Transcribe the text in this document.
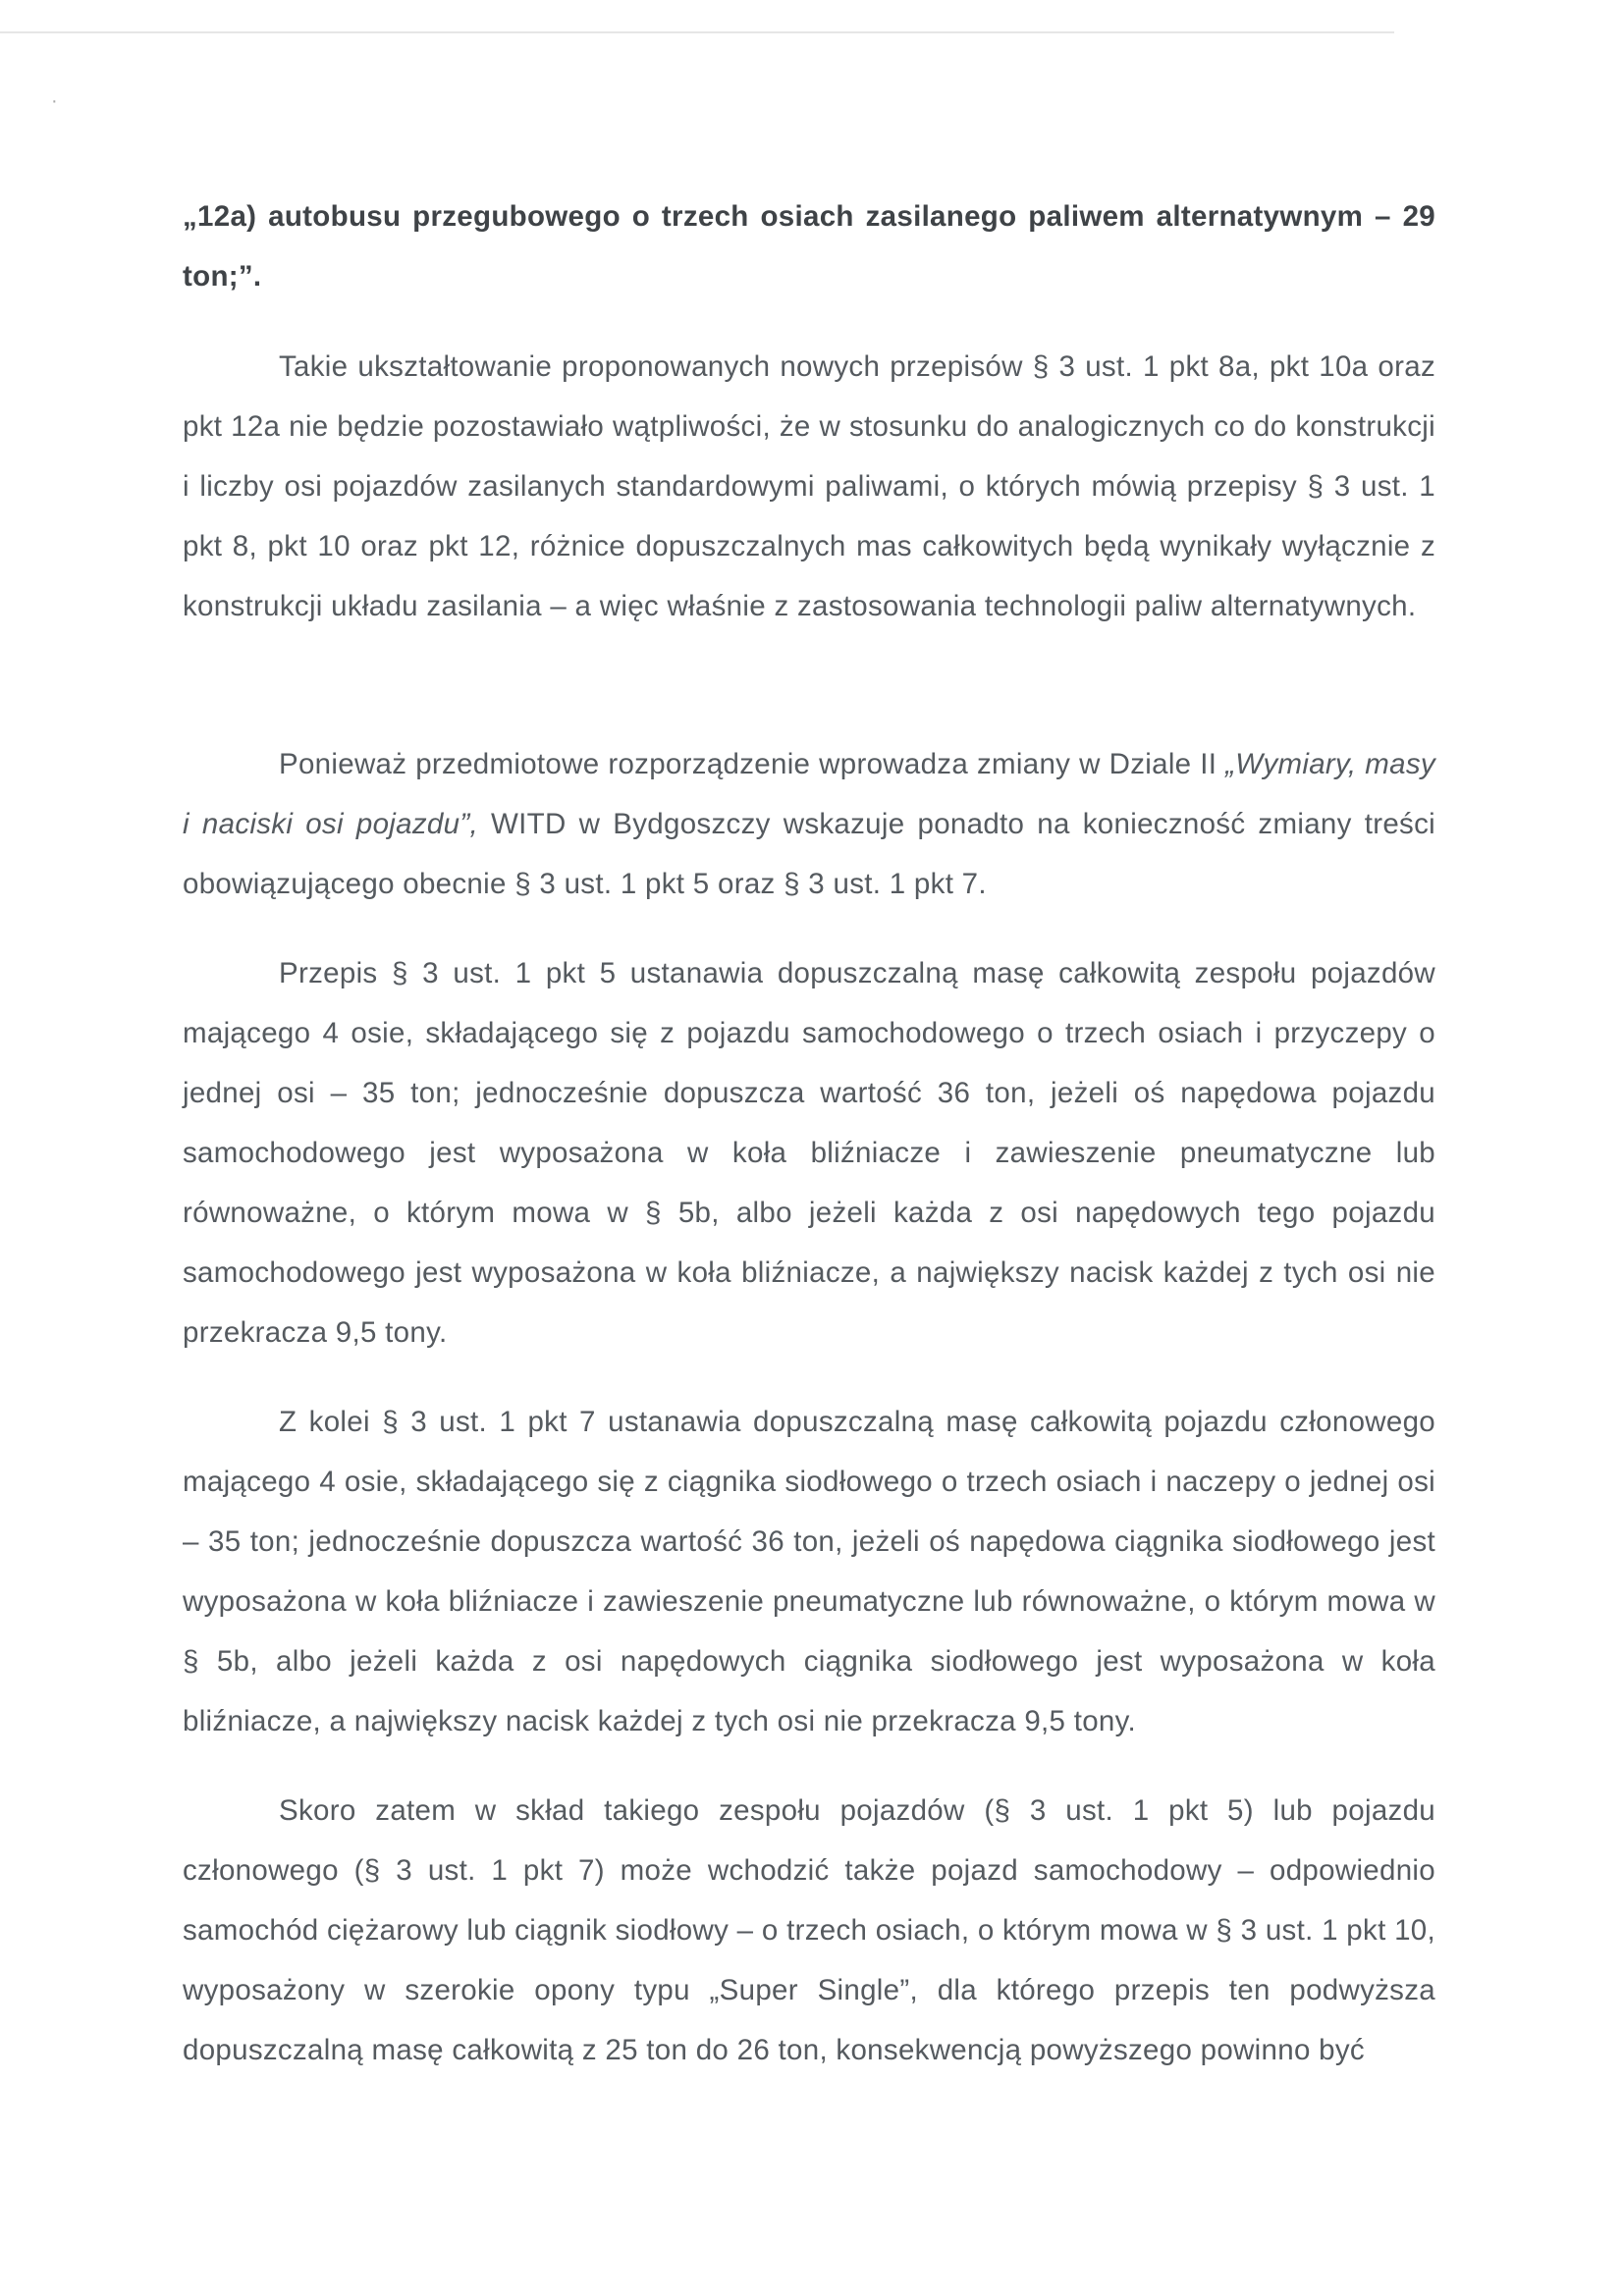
·

„12a) autobusu przegubowego o trzech osiach zasilanego paliwem alternatywnym – 29 ton;”.

Takie ukształtowanie proponowanych nowych przepisów § 3 ust. 1 pkt 8a, pkt 10a oraz pkt 12a nie będzie pozostawiało wątpliwości, że w stosunku do analogicznych co do konstrukcji i liczby osi pojazdów zasilanych standardowymi paliwami, o których mówią przepisy § 3 ust. 1 pkt 8, pkt 10 oraz pkt 12, różnice dopuszczalnych mas całkowitych będą wynikały wyłącznie z konstrukcji układu zasilania – a więc właśnie z zastosowania technologii paliw alternatywnych.

Ponieważ przedmiotowe rozporządzenie wprowadza zmiany w Dziale II „Wymiary, masy i naciski osi pojazdu”, WITD w Bydgoszczy wskazuje ponadto na konieczność zmiany treści obowiązującego obecnie § 3 ust. 1 pkt 5 oraz § 3 ust. 1 pkt 7.

Przepis § 3 ust. 1 pkt 5 ustanawia dopuszczalną masę całkowitą zespołu pojazdów mającego 4 osie, składającego się z pojazdu samochodowego o trzech osiach i przyczepy o jednej osi – 35 ton; jednocześnie dopuszcza wartość 36 ton, jeżeli oś napędowa pojazdu samochodowego jest wyposażona w koła bliźniacze i zawieszenie pneumatyczne lub równoważne, o którym mowa w § 5b, albo jeżeli każda z osi napędowych tego pojazdu samochodowego jest wyposażona w koła bliźniacze, a największy nacisk każdej z tych osi nie przekracza 9,5 tony.

Z kolei § 3 ust. 1 pkt 7 ustanawia dopuszczalną masę całkowitą pojazdu członowego mającego 4 osie, składającego się z ciągnika siodłowego o trzech osiach i naczepy o jednej osi – 35 ton; jednocześnie dopuszcza wartość 36 ton, jeżeli oś napędowa ciągnika siodłowego jest wyposażona w koła bliźniacze i zawieszenie pneumatyczne lub równoważne, o którym mowa w § 5b, albo jeżeli każda z osi napędowych ciągnika siodłowego jest wyposażona w koła bliźniacze, a największy nacisk każdej z tych osi nie przekracza 9,5 tony.

Skoro zatem w skład takiego zespołu pojazdów (§ 3 ust. 1 pkt 5) lub pojazdu członowego (§ 3 ust. 1 pkt 7) może wchodzić także pojazd samochodowy – odpowiednio samochód ciężarowy lub ciągnik siodłowy – o trzech osiach, o którym mowa w § 3 ust. 1 pkt 10, wyposażony w szerokie opony typu „Super Single”, dla którego przepis ten podwyższa dopuszczalną masę całkowitą z 25 ton do 26 ton, konsekwencją powyższego powinno być
